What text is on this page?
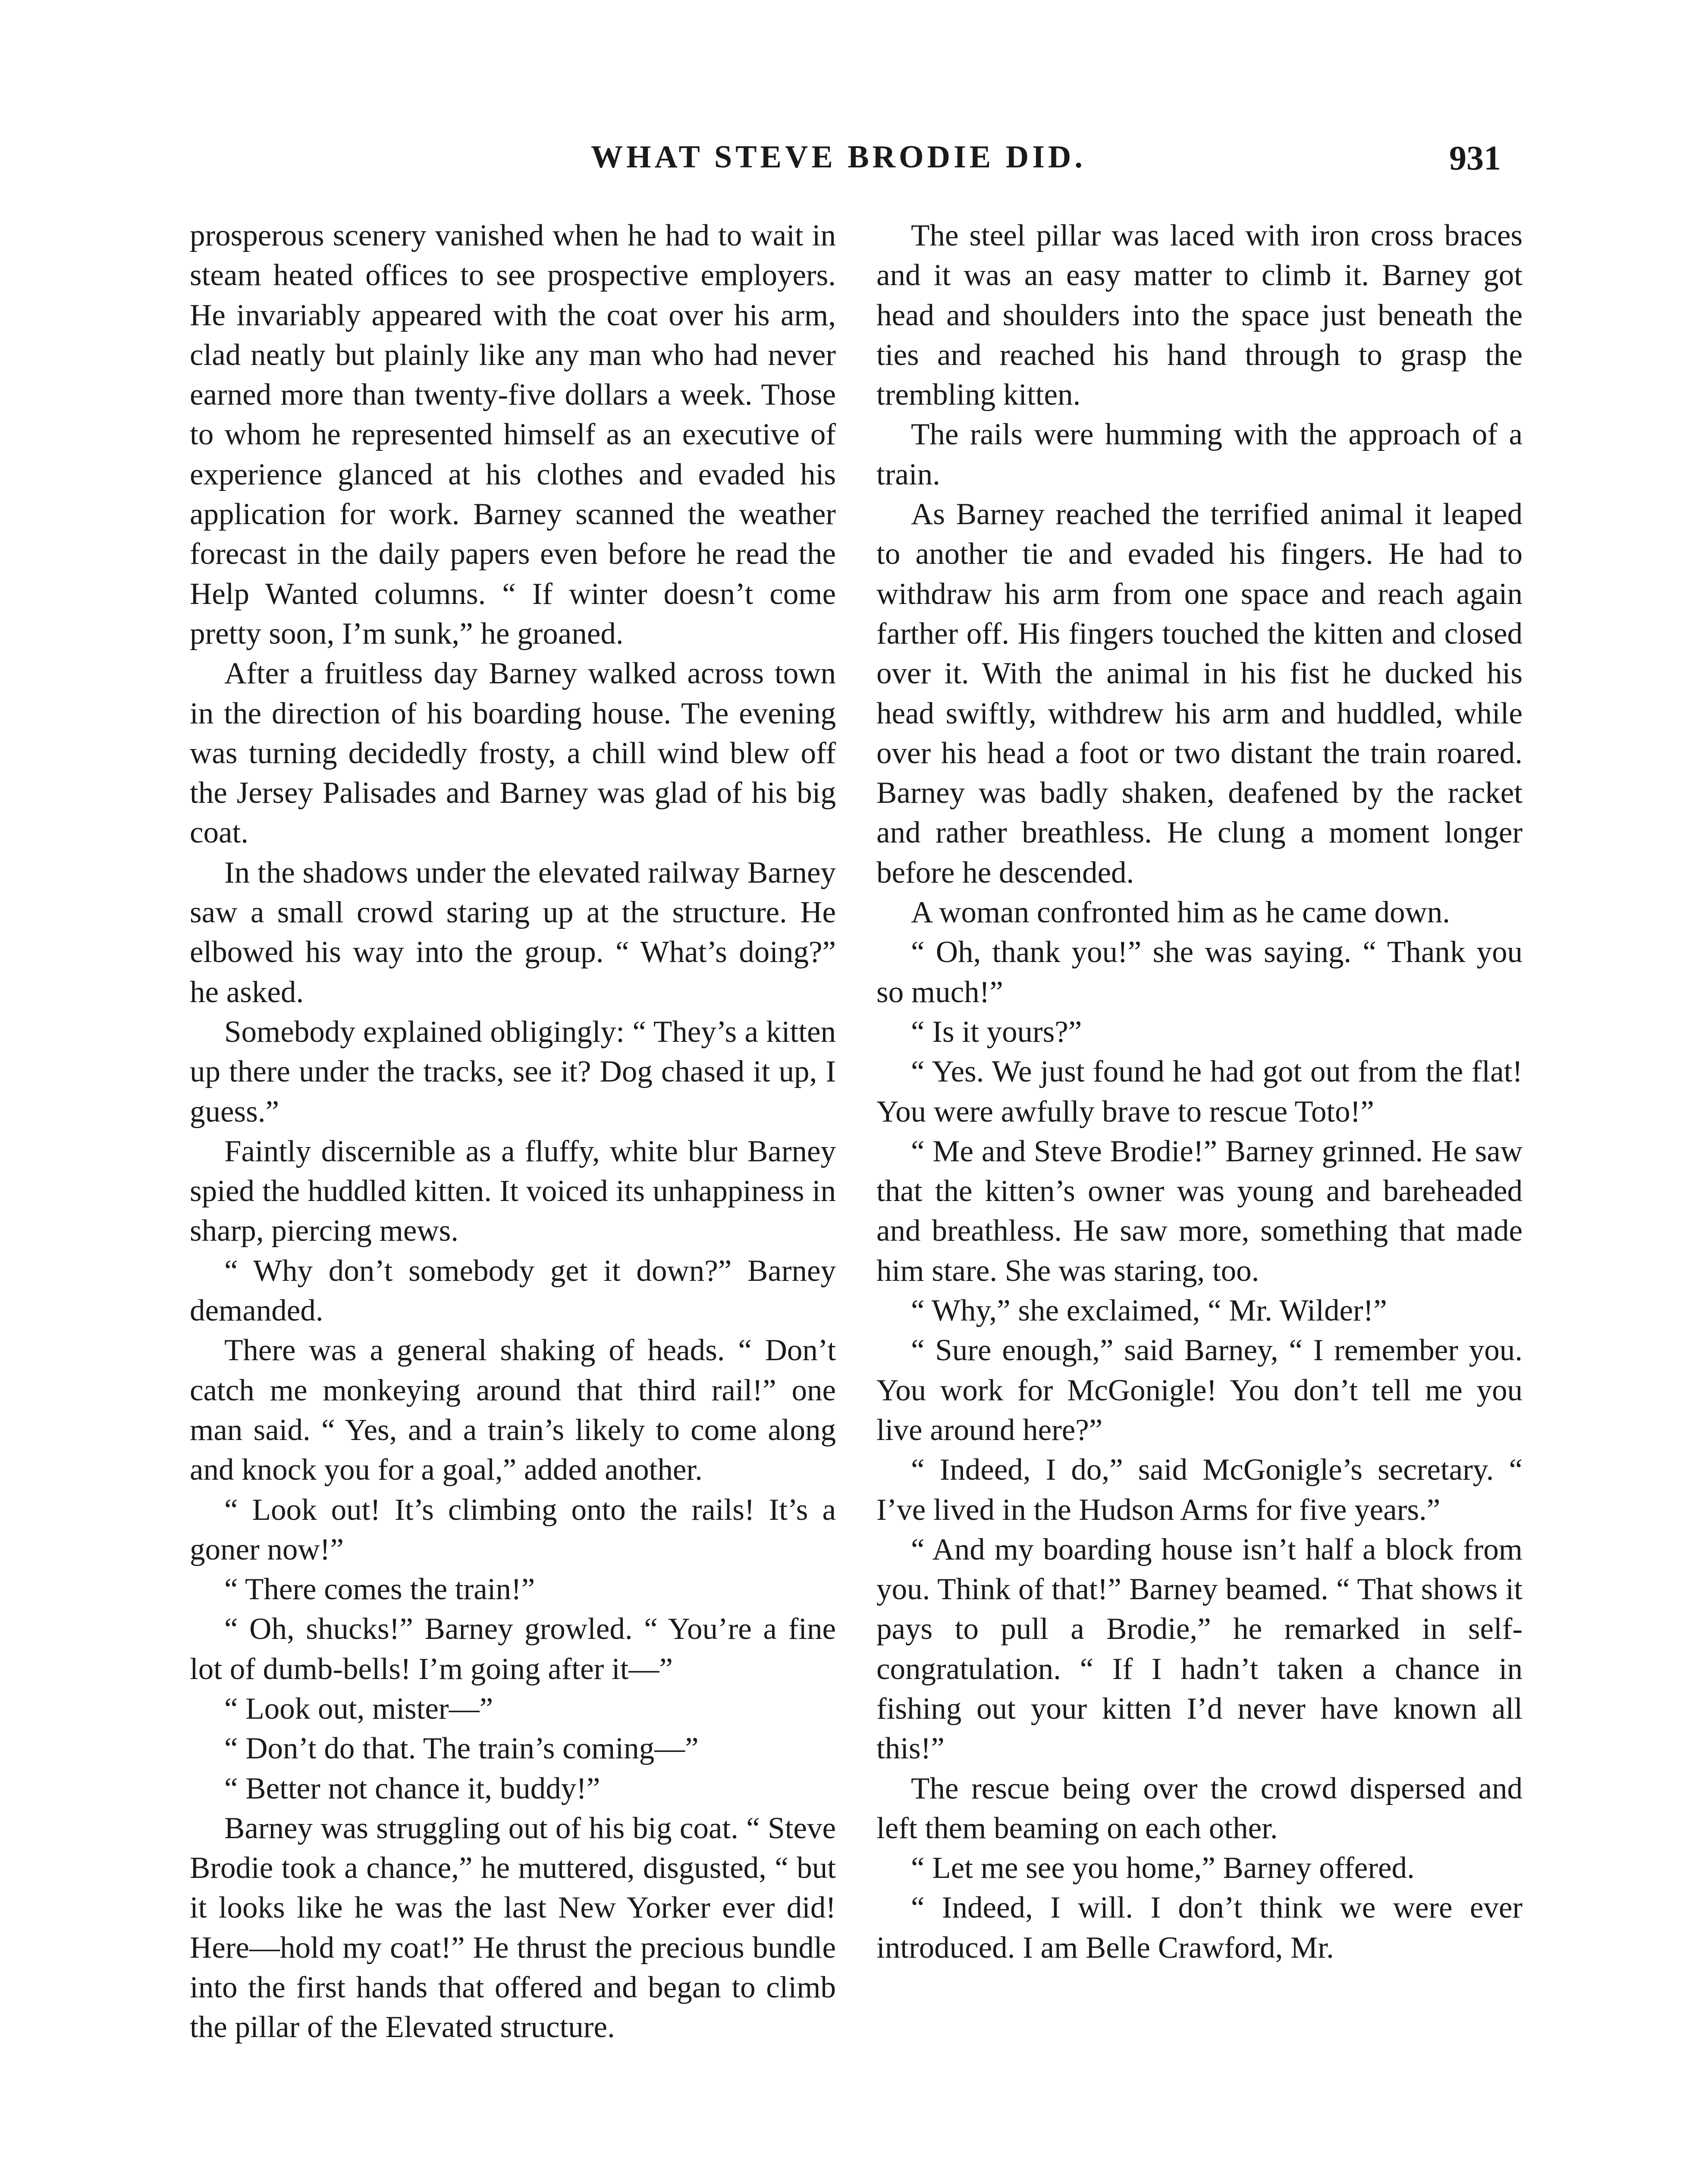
WHAT STEVE BRODIE DID.	931

prosperous scenery vanished when he had to wait in steam heated offices to see prospective employers. He invariably appeared with the coat over his arm, clad neatly but plainly like any man who had never earned more than twenty-five dollars a week. Those to whom he represented himself as an executive of experience glanced at his clothes and evaded his application for work. Barney scanned the weather forecast in the daily papers even before he read the Help Wanted columns. “ If winter doesn’t come pretty soon, I’m sunk,” he groaned.

After a fruitless day Barney walked across town in the direction of his boarding house. The evening was turning decidedly frosty, a chill wind blew off the Jersey Palisades and Barney was glad of his big coat.

In the shadows under the elevated railway Barney saw a small crowd staring up at the structure. He elbowed his way into the group. “ What’s doing?” he asked.

Somebody explained obligingly: “ They’s a kitten up there under the tracks, see it? Dog chased it up, I guess.”

Faintly discernible as a fluffy, white blur Barney spied the huddled kitten. It voiced its unhappiness in sharp, piercing mews.

“ Why don’t somebody get it down?” Barney demanded.

There was a general shaking of heads. “ Don’t catch me monkeying around that third rail!” one man said. “ Yes, and a train’s likely to come along and knock you for a goal,” added another.

“ Look out! It’s climbing onto the rails! It’s a goner now!”

“ There comes the train!”

“ Oh, shucks!” Barney growled. “ You’re a fine lot of dumb-bells! I’m going after it—”

“ Look out, mister—”

“ Don’t do that. The train’s coming—”

“ Better not chance it, buddy!”

Barney was struggling out of his big coat. “ Steve Brodie took a chance,” he muttered, disgusted, “ but it looks like he was the last New Yorker ever did! Here—hold my coat!” He thrust the precious bundle into the first hands that offered and began to climb the pillar of the Elevated structure.

The steel pillar was laced with iron cross braces and it was an easy matter to climb it. Barney got head and shoulders into the space just beneath the ties and reached his hand through to grasp the trembling kitten.

The rails were humming with the approach of a train.

As Barney reached the terrified animal it leaped to another tie and evaded his fingers. He had to withdraw his arm from one space and reach again farther off. His fingers touched the kitten and closed over it. With the animal in his fist he ducked his head swiftly, withdrew his arm and huddled, while over his head a foot or two distant the train roared. Barney was badly shaken, deafened by the racket and rather breathless. He clung a moment longer before he descended.

A woman confronted him as he came down.

“ Oh, thank you!” she was saying. “ Thank you so much!”

“ Is it yours?”

“ Yes. We just found he had got out from the flat! You were awfully brave to rescue Toto!”

“ Me and Steve Brodie!” Barney grinned. He saw that the kitten’s owner was young and bareheaded and breathless. He saw more, something that made him stare. She was staring, too.

“ Why,” she exclaimed, “ Mr. Wilder!”

“ Sure enough,” said Barney, “ I remember you. You work for McGonigle! You don’t tell me you live around here?”

“ Indeed, I do,” said McGonigle’s secretary. “ I’ve lived in the Hudson Arms for five years.”

“ And my boarding house isn’t half a block from you. Think of that!” Barney beamed. “ That shows it pays to pull a Brodie,” he remarked in self-congratulation. “ If I hadn’t taken a chance in fishing out your kitten I’d never have known all this!”

The rescue being over the crowd dispersed and left them beaming on each other.

“ Let me see you home,” Barney offered.

“ Indeed, I will. I don’t think we were ever introduced. I am Belle Crawford, Mr.
